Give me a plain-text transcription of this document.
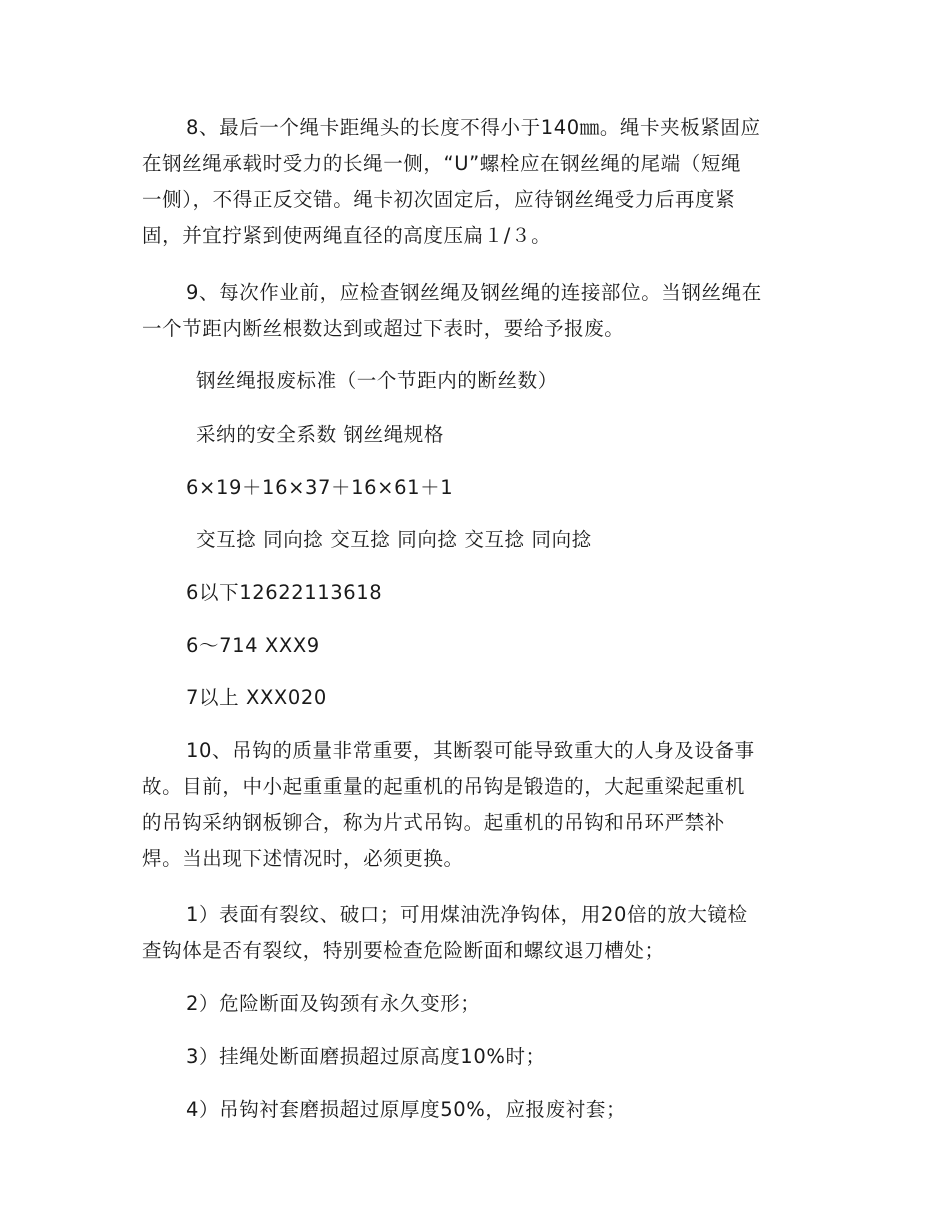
8、最后一个绳卡距绳头的长度不得小于140㎜。绳卡夹板紧固应
在钢丝绳承载时受力的长绳一侧，“U”螺栓应在钢丝绳的尾端（短绳
一侧），不得正反交错。绳卡初次固定后，应待钢丝绳受力后再度紧
固，并宜拧紧到使两绳直径的高度压扁１/３。
9、每次作业前，应检查钢丝绳及钢丝绳的连接部位。当钢丝绳在
一个节距内断丝根数达到或超过下表时，要给予报废。
钢丝绳报废标准（一个节距内的断丝数）
采纳的安全系数 钢丝绳规格
6×19＋16×37＋16×61＋1
交互捻 同向捻 交互捻 同向捻 交互捻 同向捻
6以下12622113618
6～714 XXX9
7以上 XXX020
10、吊钩的质量非常重要，其断裂可能导致重大的人身及设备事
故。目前，中小起重重量的起重机的吊钩是锻造的，大起重梁起重机
的吊钩采纳钢板铆合，称为片式吊钩。起重机的吊钩和吊环严禁补
焊。当出现下述情况时，必须更换。
1）表面有裂纹、破口；可用煤油洗净钩体，用20倍的放大镜检
查钩体是否有裂纹，特别要检查危险断面和螺纹退刀槽处；
2）危险断面及钩颈有永久变形；
3）挂绳处断面磨损超过原高度10%时；
4）吊钩衬套磨损超过原厚度50%，应报废衬套；
